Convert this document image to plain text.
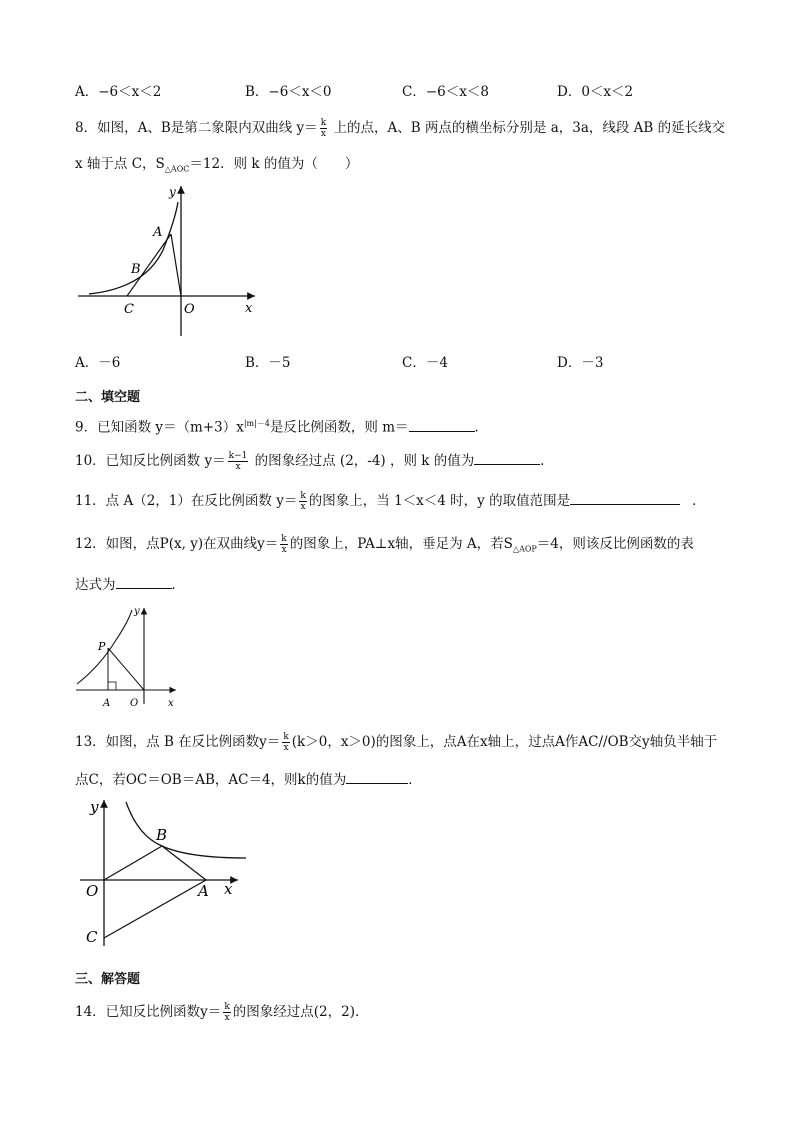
A．−6＜x＜2	B．−6＜x＜0	C．−6＜x＜8	D．0＜x＜2
8．如图，A、B是第二象限内双曲线 $y= \frac{k}{x}$ 上的点，A、B 两点的横坐标分别是 a，3a，线段 AB 的延长线交
x 轴于点 C，$S_{\triangle AOC}=12$．则 k 的值为（　　）
y
x
A
B
C	O
A．－6	B．－5	C．－4	D．－3
二、填空题
9．已知函数 $y=(m+3)x^{|m|-4}$是反比例函数，则 m＝	．
10．已知反比例函数 $y= \frac{k-1}{x}$ 的图象经过点 (2，-4) ，则 k 的值为	．
11．点 A（2，1）在反比例函数 $y= \frac{k}{x}$ 的图象上，当 1＜x＜4 时，y 的取值范围是	．
12．如图，点P(x, y)在双曲线$y= \frac{k}{x}$ 的图象上，PA⊥x轴，垂足为 A，若$S_{\triangle AOP}=4$，则该反比例函数的表
达式为	．
y
x
P
A O
13．如图，点 B 在反比例函数$y= \frac{k}{x} (k>0$，x＞0)的图象上，点A在x轴上，过点A作AC//OB交y轴负半轴于
点C，若OC＝OB＝AB，AC＝4，则k的值为	．
y
x
B
O	A
C
三、解答题
14．已知反比例函数$y= \frac{k}{x}$ 的图象经过点(2，2)．
